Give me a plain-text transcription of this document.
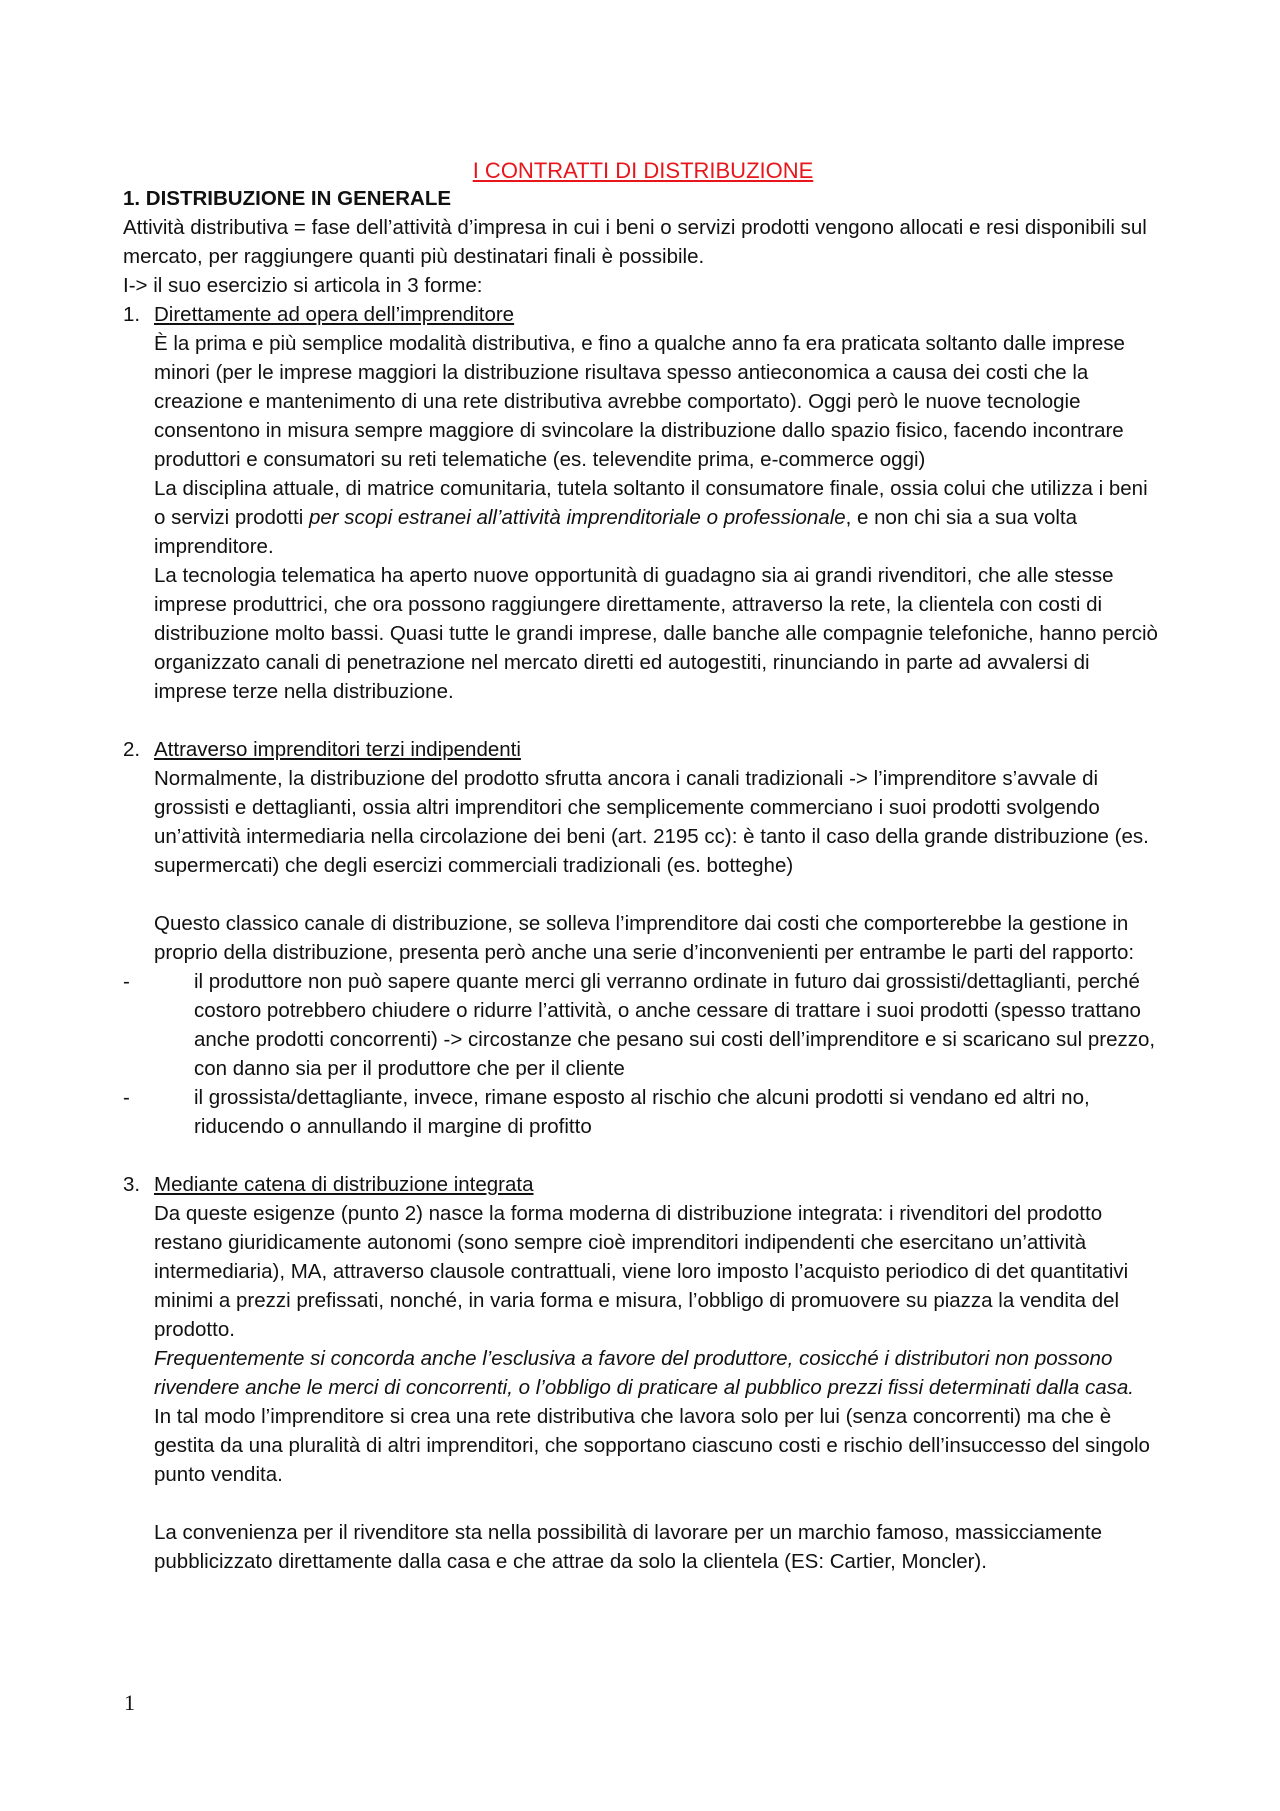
I CONTRATTI DI DISTRIBUZIONE

1. DISTRIBUZIONE IN GENERALE

Attività distributiva = fase dell’attività d’impresa in cui i beni o servizi prodotti vengono allocati e resi disponibili sul mercato, per raggiungere quanti più destinatari finali è possibile.

I-> il suo esercizio si articola in 3 forme:

1. Direttamente ad opera dell’imprenditore

È la prima e più semplice modalità distributiva, e fino a qualche anno fa era praticata soltanto dalle imprese minori (per le imprese maggiori la distribuzione risultava spesso antieconomica a causa dei costi che la creazione e mantenimento di una rete distributiva avrebbe comportato). Oggi però le nuove tecnologie consentono in misura sempre maggiore di svincolare la distribuzione dallo spazio fisico, facendo incontrare produttori e consumatori su reti telematiche (es. televendite prima, e-commerce oggi)

La disciplina attuale, di matrice comunitaria, tutela soltanto il consumatore finale, ossia colui che utilizza i beni o servizi prodotti per scopi estranei all’attività imprenditoriale o professionale, e non chi sia a sua volta imprenditore.

La tecnologia telematica ha aperto nuove opportunità di guadagno sia ai grandi rivenditori, che alle stesse imprese produttrici, che ora possono raggiungere direttamente, attraverso la rete, la clientela con costi di distribuzione molto bassi. Quasi tutte le grandi imprese, dalle banche alle compagnie telefoniche, hanno perciò organizzato canali di penetrazione nel mercato diretti ed autogestiti, rinunciando in parte ad avvalersi di imprese terze nella distribuzione.

2. Attraverso imprenditori terzi indipendenti

Normalmente, la distribuzione del prodotto sfrutta ancora i canali tradizionali -> l’imprenditore s’avvale di grossisti e dettaglianti, ossia altri imprenditori che semplicemente commerciano i suoi prodotti svolgendo un’attività intermediaria nella circolazione dei beni (art. 2195 cc): è tanto il caso della grande distribuzione (es. supermercati) che degli esercizi commerciali tradizionali (es. botteghe)

Questo classico canale di distribuzione, se solleva l’imprenditore dai costi che comporterebbe la gestione in proprio della distribuzione, presenta però anche una serie d’inconvenienti per entrambe le parti del rapporto:

-	il produttore non può sapere quante merci gli verranno ordinate in futuro dai grossisti/dettaglianti, perché costoro potrebbero chiudere o ridurre l’attività, o anche cessare di trattare i suoi prodotti (spesso trattano anche prodotti concorrenti) -> circostanze che pesano sui costi dell’imprenditore e si scaricano sul prezzo, con danno sia per il produttore che per il cliente
-	il grossista/dettagliante, invece, rimane esposto al rischio che alcuni prodotti si vendano ed altri no, riducendo o annullando il margine di profitto
3. Mediante catena di distribuzione integrata

Da queste esigenze (punto 2) nasce la forma moderna di distribuzione integrata: i rivenditori del prodotto restano giuridicamente autonomi (sono sempre cioè imprenditori indipendenti che esercitano un’attività intermediaria), MA, attraverso clausole contrattuali, viene loro imposto l’acquisto periodico di det quantitativi minimi a prezzi prefissati, nonché, in varia forma e misura, l’obbligo di promuovere su piazza la vendita del prodotto.

Frequentemente si concorda anche l’esclusiva a favore del produttore, cosicché i distributori non possono rivendere anche le merci di concorrenti, o l’obbligo di praticare al pubblico prezzi fissi determinati dalla casa.

In tal modo l’imprenditore si crea una rete distributiva che lavora solo per lui (senza concorrenti) ma che è gestita da una pluralità di altri imprenditori, che sopportano ciascuno costi e rischio dell’insuccesso del singolo punto vendita.

La convenienza per il rivenditore sta nella possibilità di lavorare per un marchio famoso, massicciamente pubblicizzato direttamente dalla casa e che attrae da solo la clientela (ES: Cartier, Moncler).

1
